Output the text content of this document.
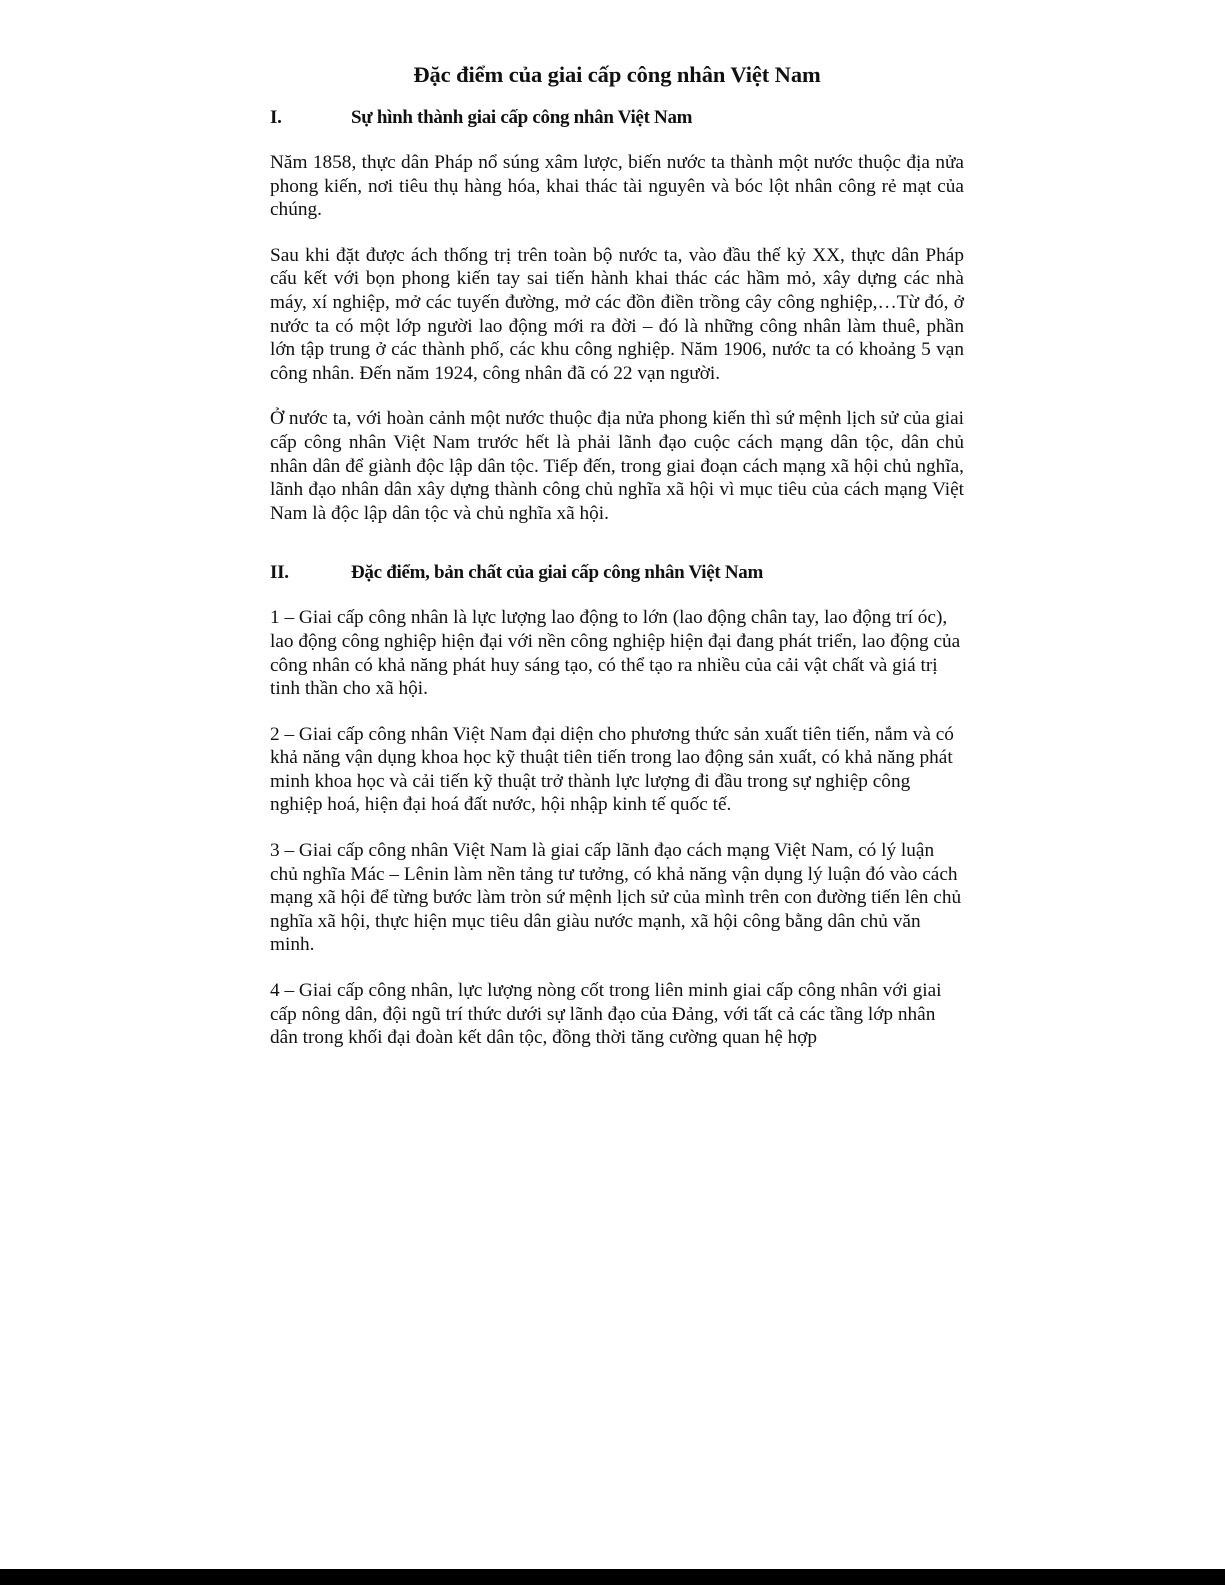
Đặc điểm của giai cấp công nhân Việt Nam
I.	Sự hình thành giai cấp công nhân Việt Nam

Năm 1858, thực dân Pháp nổ súng xâm lược, biến nước ta thành một nước thuộc địa nửa phong kiến, nơi tiêu thụ hàng hóa, khai thác tài nguyên và bóc lột nhân công rẻ mạt của chúng.

Sau khi đặt được ách thống trị trên toàn bộ nước ta, vào đầu thế kỷ XX, thực dân Pháp cấu kết với bọn phong kiến tay sai tiến hành khai thác các hầm mỏ, xây dựng các nhà máy, xí nghiệp, mở các tuyến đường, mở các đồn điền trồng cây công nghiệp,…Từ đó, ở nước ta có một lớp người lao động mới ra đời – đó là những công nhân làm thuê, phần lớn tập trung ở các thành phố, các khu công nghiệp. Năm 1906, nước ta có khoảng 5 vạn công nhân. Đến năm 1924, công nhân đã có 22 vạn người.

Ở nước ta, với hoàn cảnh một nước thuộc địa nửa phong kiến thì sứ mệnh lịch sử của giai cấp công nhân Việt Nam trước hết là phải lãnh đạo cuộc cách mạng dân tộc, dân chủ nhân dân để giành độc lập dân tộc. Tiếp đến, trong giai đoạn cách mạng xã hội chủ nghĩa, lãnh đạo nhân dân xây dựng thành công chủ nghĩa xã hội vì mục tiêu của cách mạng Việt Nam là độc lập dân tộc và chủ nghĩa xã hội.

II.	Đặc điểm, bản chất của giai cấp công nhân Việt Nam

1 – Giai cấp công nhân là lực lượng lao động to lớn (lao động chân tay, lao động trí óc), lao động công nghiệp hiện đại với nền công nghiệp hiện đại đang phát triển, lao động của công nhân có khả năng phát huy sáng tạo, có thể tạo ra nhiều của cải vật chất và giá trị tinh thần cho xã hội.

2 – Giai cấp công nhân Việt Nam đại diện cho phương thức sản xuất tiên tiến, nắm và có khả năng vận dụng khoa học kỹ thuật tiên tiến trong lao động sản xuất, có khả năng phát minh khoa học và cải tiến kỹ thuật trở thành lực lượng đi đầu trong sự nghiệp công nghiệp hoá, hiện đại hoá đất nước, hội nhập kinh tế quốc tế.

3 – Giai cấp công nhân Việt Nam là giai cấp lãnh đạo cách mạng Việt Nam, có lý luận chủ nghĩa Mác – Lênin làm nền tảng tư tưởng, có khả năng vận dụng lý luận đó vào cách mạng xã hội để từng bước làm tròn sứ mệnh lịch sử của mình trên con đường tiến lên chủ nghĩa xã hội, thực hiện mục tiêu dân giàu nước mạnh, xã hội công bằng dân chủ văn minh.

4 – Giai cấp công nhân, lực lượng nòng cốt trong liên minh giai cấp công nhân với giai cấp nông dân, đội ngũ trí thức dưới sự lãnh đạo của Đảng, với tất cả các tầng lớp nhân dân trong khối đại đoàn kết dân tộc, đồng thời tăng cường quan hệ hợp
